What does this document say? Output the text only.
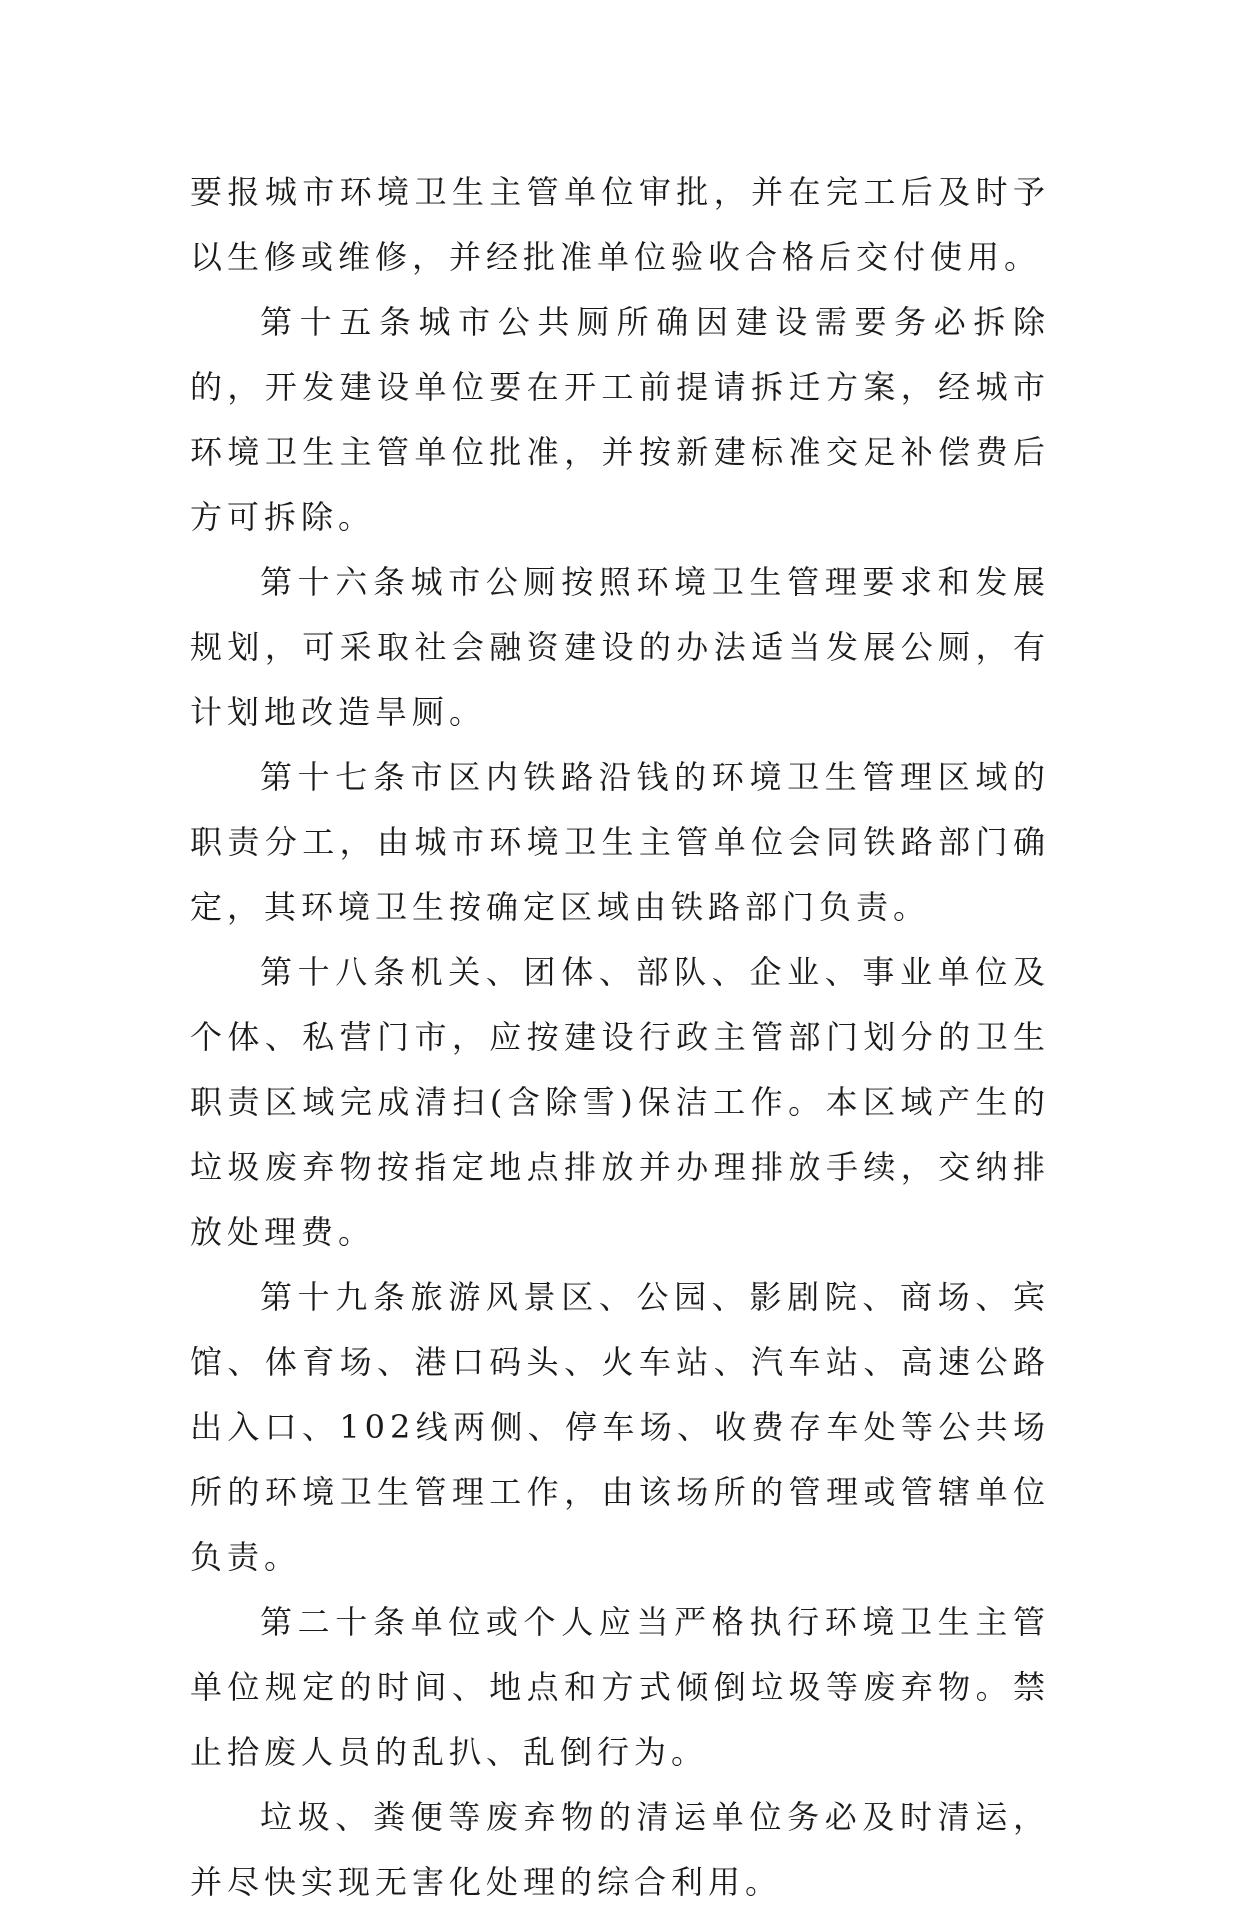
要报城市环境卫生主管单位审批，并在完工后及时予以生修或维修，并经批准单位验收合格后交付使用。

第十五条城市公共厕所确因建设需要务必拆除的，开发建设单位要在开工前提请拆迁方案，经城市环境卫生主管单位批准，并按新建标准交足补偿费后方可拆除。

第十六条城市公厕按照环境卫生管理要求和发展规划，可采取社会融资建设的办法适当发展公厕，有计划地改造旱厕。

第十七条市区内铁路沿钱的环境卫生管理区域的职责分工，由城市环境卫生主管单位会同铁路部门确定，其环境卫生按确定区域由铁路部门负责。

第十八条机关、团体、部队、企业、事业单位及个体、私营门市，应按建设行政主管部门划分的卫生职责区域完成清扫(含除雪)保洁工作。本区域产生的垃圾废弃物按指定地点排放并办理排放手续，交纳排放处理费。

第十九条旅游风景区、公园、影剧院、商场、宾馆、体育场、港口码头、火车站、汽车站、高速公路出入口、102线两侧、停车场、收费存车处等公共场所的环境卫生管理工作，由该场所的管理或管辖单位负责。

第二十条单位或个人应当严格执行环境卫生主管单位规定的时间、地点和方式倾倒垃圾等废弃物。禁止拾废人员的乱扒、乱倒行为。

垃圾、粪便等废弃物的清运单位务必及时清运，并尽快实现无害化处理的综合利用。
